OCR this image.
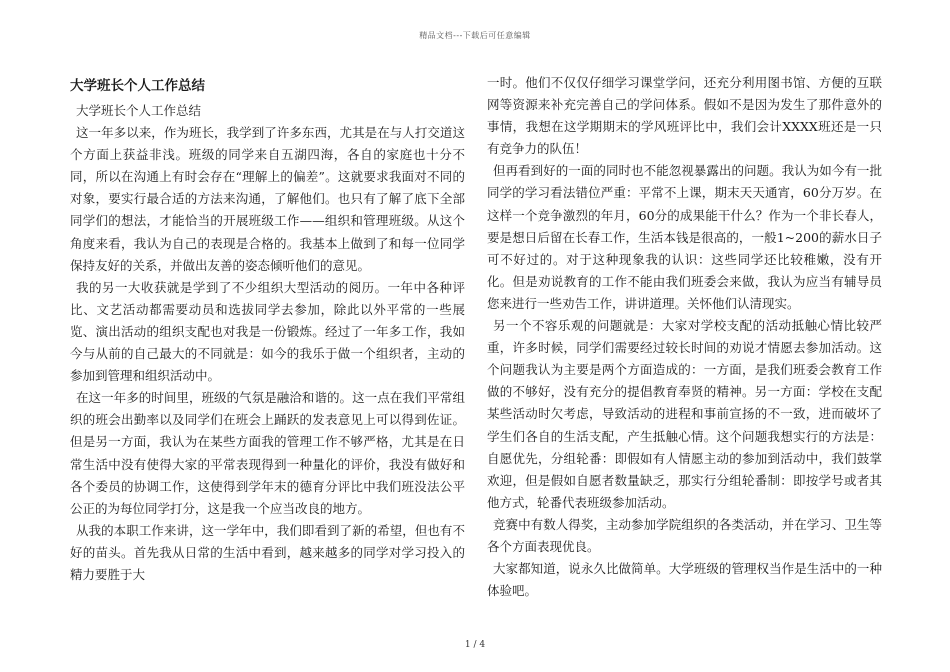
精品文档---下载后可任意编辑
大学班长个人工作总结

大学班长个人工作总结

这一年多以来，作为班长，我学到了许多东西，尤其是在与人打交道这个方面上获益非浅。班级的同学来自五湖四海，各自的家庭也十分不同，所以在沟通上有时会存在“理解上的偏差”。这就要求我面对不同的对象，要实行最合适的方法来沟通，了解他们。也只有了解了底下全部同学们的想法，才能恰当的开展班级工作——组织和管理班级。从这个角度来看，我认为自己的表现是合格的。我基本上做到了和每一位同学保持友好的关系，并做出友善的姿态倾听他们的意见。

我的另一大收获就是学到了不少组织大型活动的阅历。一年中各种评比、文艺活动都需要动员和选拔同学去参加，除此以外平常的一些展览、演出活动的组织支配也对我是一份锻炼。经过了一年多工作，我如今与从前的自己最大的不同就是：如今的我乐于做一个组织者，主动的参加到管理和组织活动中。

在这一年多的时间里，班级的气氛是融洽和谐的。这一点在我们平常组织的班会出勤率以及同学们在班会上踊跃的发表意见上可以得到佐证。但是另一方面，我认为在某些方面我的管理工作不够严格，尤其是在日常生活中没有使得大家的平常表现得到一种量化的评价，我没有做好和各个委员的协调工作，这使得到学年末的德育分评比中我们班没法公平公正的为每位同学打分，这是我一个应当改良的地方。

从我的本职工作来讲，这一学年中，我们即看到了新的希望，但也有不好的苗头。首先我从日常的生活中看到，越来越多的同学对学习投入的精力要胜于大

一时。他们不仅仅仔细学习课堂学问，还充分利用图书馆、方便的互联网等资源来补充完善自己的学问体系。假如不是因为发生了那件意外的事情，我想在这学期期末的学风班评比中，我们会计XXXX班还是一只有竞争力的队伍！

但再看到好的一面的同时也不能忽视暴露出的问题。我认为如今有一批同学的学习看法错位严重：平常不上课，期末天天通宵，60分万岁。在这样一个竞争激烈的年月，60分的成果能干什么？作为一个非长春人，要是想日后留在长春工作，生活本钱是很高的，一般1~200的薪水日子可不好过的。对于这种现象我的认识：这些同学还比较稚嫩，没有开化。但是劝说教育的工作不能由我们班委会来做，我认为应当有辅导员您来进行一些劝告工作，讲讲道理。关怀他们认清现实。

另一个不容乐观的问题就是：大家对学校支配的活动抵触心情比较严重，许多时候，同学们需要经过较长时间的劝说才情愿去参加活动。这个问题我认为主要是两个方面造成的：一方面，是我们班委会教育工作做的不够好，没有充分的提倡教育奉贤的精神。另一方面：学校在支配某些活动时欠考虑，导致活动的进程和事前宣扬的不一致，进而破坏了学生们各自的生活支配，产生抵触心情。这个问题我想实行的方法是：自愿优先，分组轮番：即假如有人情愿主动的参加到活动中，我们鼓掌欢迎，但是假如自愿者数量缺乏，那实行分组轮番制：即按学号或者其他方式，轮番代表班级参加活动。

竞赛中有数人得奖，主动参加学院组织的各类活动，并在学习、卫生等各个方面表现优良。

大家都知道，说永久比做简单。大学班级的管理权当作是生活中的一种体验吧。

1 / 4
